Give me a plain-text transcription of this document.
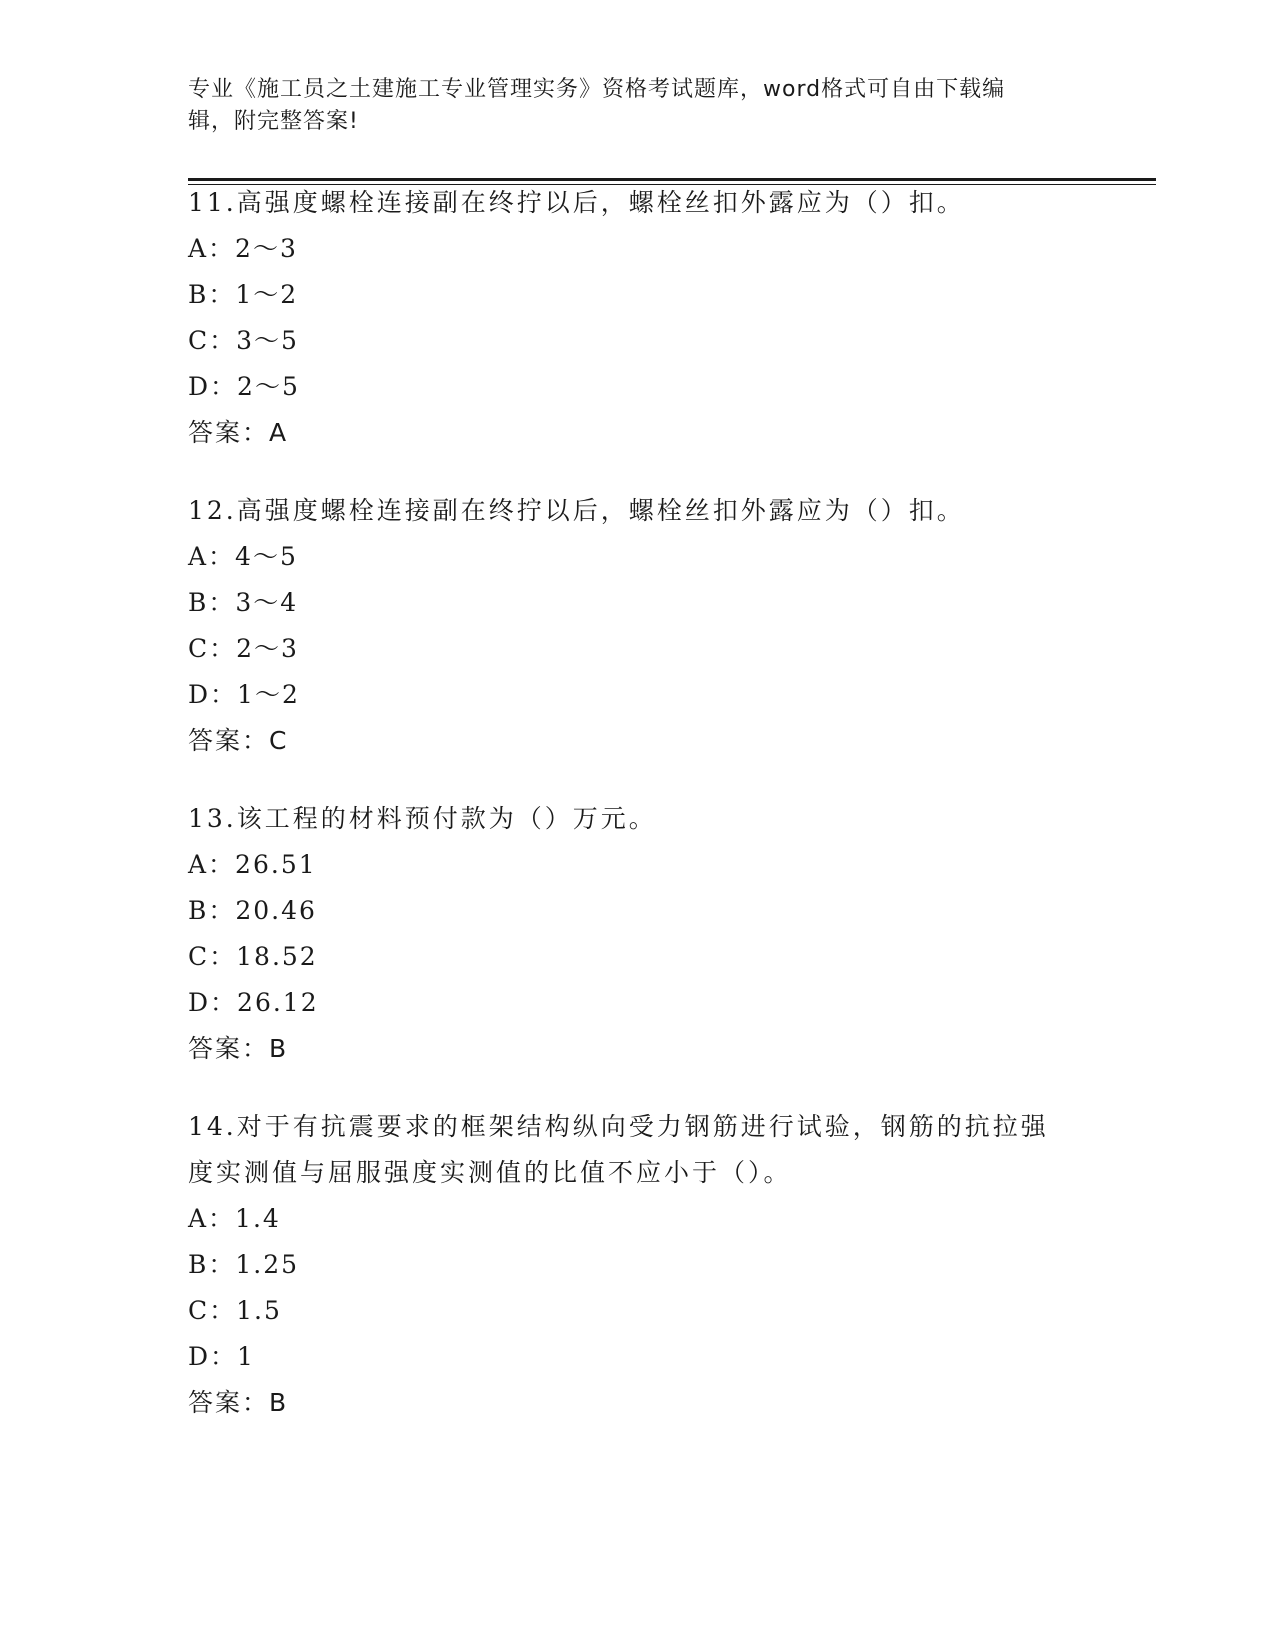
专业《施工员之土建施工专业管理实务》资格考试题库，word格式可自由下载编
辑，附完整答案!

11.高强度螺栓连接副在终拧以后，螺栓丝扣外露应为（）扣。

A：2～3

B：1～2

C：3～5

D：2～5

答案：A

12.高强度螺栓连接副在终拧以后，螺栓丝扣外露应为（）扣。

A：4～5

B：3～4

C：2～3

D：1～2

答案：C

13.该工程的材料预付款为（）万元。

A：26.51

B：20.46

C：18.52

D：26.12

答案：B

14.对于有抗震要求的框架结构纵向受力钢筋进行试验，钢筋的抗拉强

度实测值与屈服强度实测值的比值不应小于（）。

A：1.4

B：1.25

C：1.5

D：1

答案：B
